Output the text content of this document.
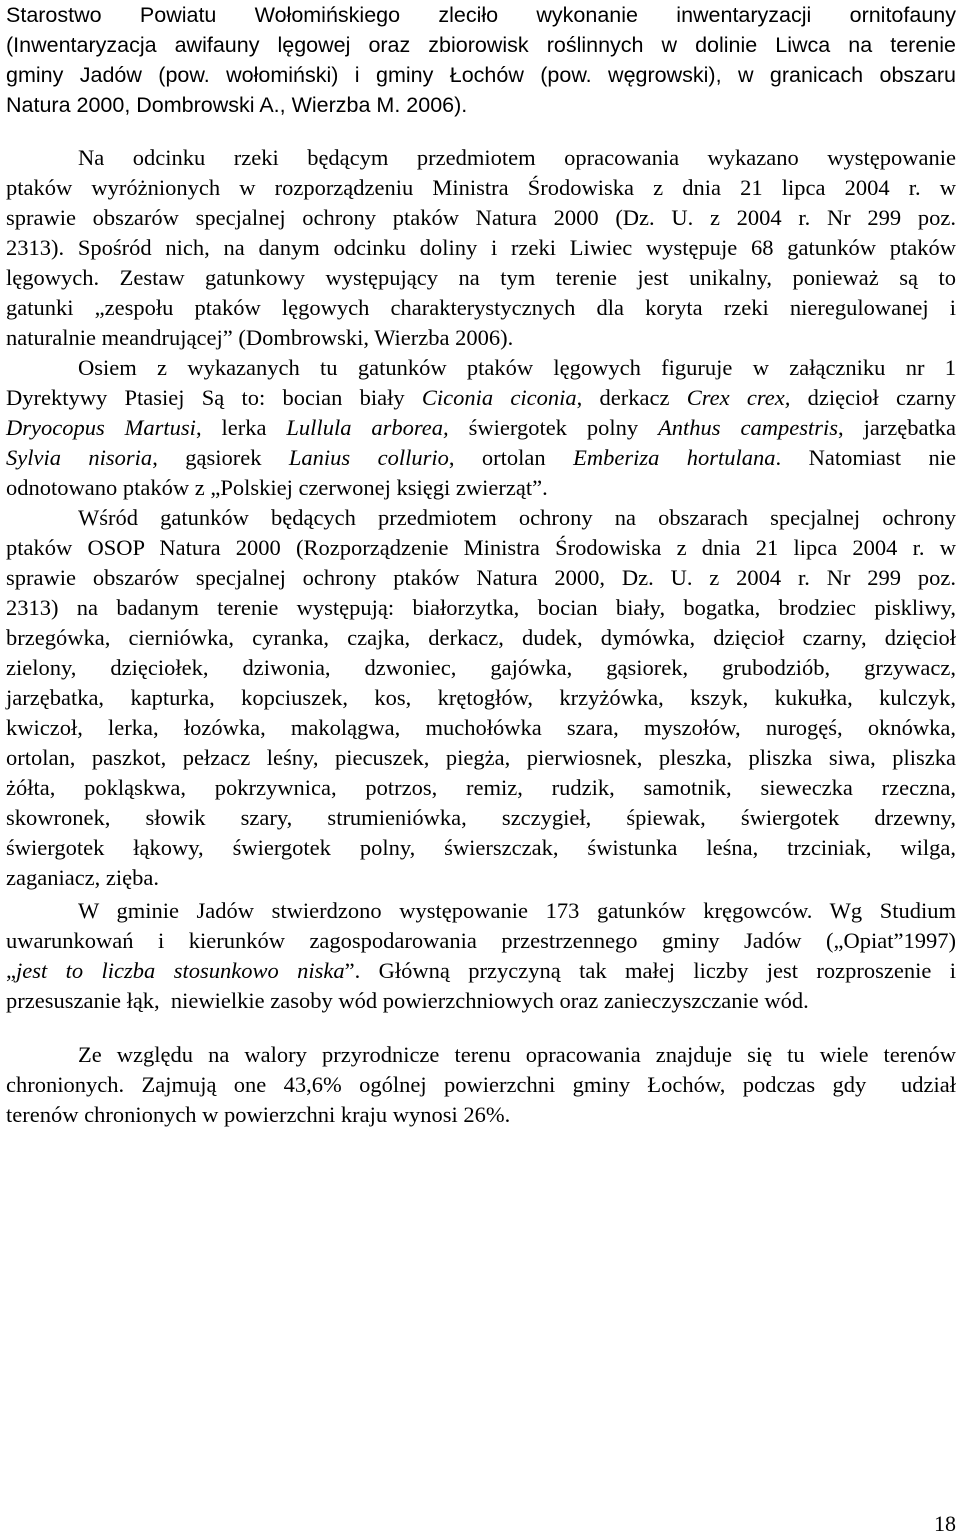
Starostwo Powiatu Wołomińskiego zleciło wykonanie inwentaryzacji ornitofauny
(Inwentaryzacja awifauny lęgowej oraz zbiorowisk roślinnych w dolinie Liwca na terenie
gminy Jadów (pow. wołomiński) i gminy Łochów (pow. węgrowski), w granicach obszaru
Natura 2000, Dombrowski A., Wierzba M. 2006).
Na odcinku rzeki będącym przedmiotem opracowania wykazano występowanie
ptaków wyróżnionych w rozporządzeniu Ministra Środowiska z dnia 21 lipca 2004 r. w
sprawie obszarów specjalnej ochrony ptaków Natura 2000 (Dz. U. z 2004 r. Nr 299 poz.
2313). Spośród nich, na danym odcinku doliny i rzeki Liwiec występuje 68 gatunków ptaków
lęgowych. Zestaw gatunkowy występujący na tym terenie jest unikalny, ponieważ są to
gatunki „zespołu ptaków lęgowych charakterystycznych dla koryta rzeki nieregulowanej i
naturalnie meandrującej” (Dombrowski, Wierzba 2006).
Osiem z wykazanych tu gatunków ptaków lęgowych figuruje w załączniku nr 1
Dyrektywy Ptasiej Są to: bocian biały Ciconia ciconia, derkacz Crex crex, dzięcioł czarny
Dryocopus Martusi, lerka Lullula arborea, świergotek polny Anthus campestris, jarzębatka
Sylvia nisoria, gąsiorek Lanius collurio, ortolan Emberiza hortulana. Natomiast nie
odnotowano ptaków z „Polskiej czerwonej księgi zwierząt”.
Wśród gatunków będących przedmiotem ochrony na obszarach specjalnej ochrony
ptaków OSOP Natura 2000 (Rozporządzenie Ministra Środowiska z dnia 21 lipca 2004 r. w
sprawie obszarów specjalnej ochrony ptaków Natura 2000, Dz. U. z 2004 r. Nr 299 poz.
2313) na badanym terenie występują: białorzytka, bocian biały, bogatka, brodziec piskliwy,
brzegówka, cierniówka, cyranka, czajka, derkacz, dudek, dymówka, dzięcioł czarny, dzięcioł
zielony, dzięciołek, dziwonia, dzwoniec, gajówka, gąsiorek, grubodziób, grzywacz,
jarzębatka, kapturka, kopciuszek, kos, krętogłów, krzyżówka, kszyk, kukułka, kulczyk,
kwiczoł, lerka, łozówka, makolągwa, muchołówka szara, myszołów, nurogęś, oknówka,
ortolan, paszkot, pełzacz leśny, piecuszek, piegża, pierwiosnek, pleszka, pliszka siwa, pliszka
żółta, pokląskwa, pokrzywnica, potrzos, remiz, rudzik, samotnik, sieweczka rzeczna,
skowronek, słowik szary, strumieniówka, szczygieł, śpiewak, świergotek drzewny,
świergotek łąkowy, świergotek polny, świerszczak, świstunka leśna, trzciniak, wilga,
zaganiacz, zięba.
W gminie Jadów stwierdzono występowanie 173 gatunków kręgowców. Wg Studium
uwarunkowań i kierunków zagospodarowania przestrzennego gminy Jadów („Opiat”1997)
„jest to liczba stosunkowo niska”. Główną przyczyną tak małej liczby jest rozproszenie i
przesuszanie łąk,  niewielkie zasoby wód powierzchniowych oraz zanieczyszczanie wód.
Ze względu na walory przyrodnicze terenu opracowania znajduje się tu wiele terenów
chronionych. Zajmują one 43,6% ogólnej powierzchni gminy Łochów, podczas gdy  udział
terenów chronionych w powierzchni kraju wynosi 26%.
18
